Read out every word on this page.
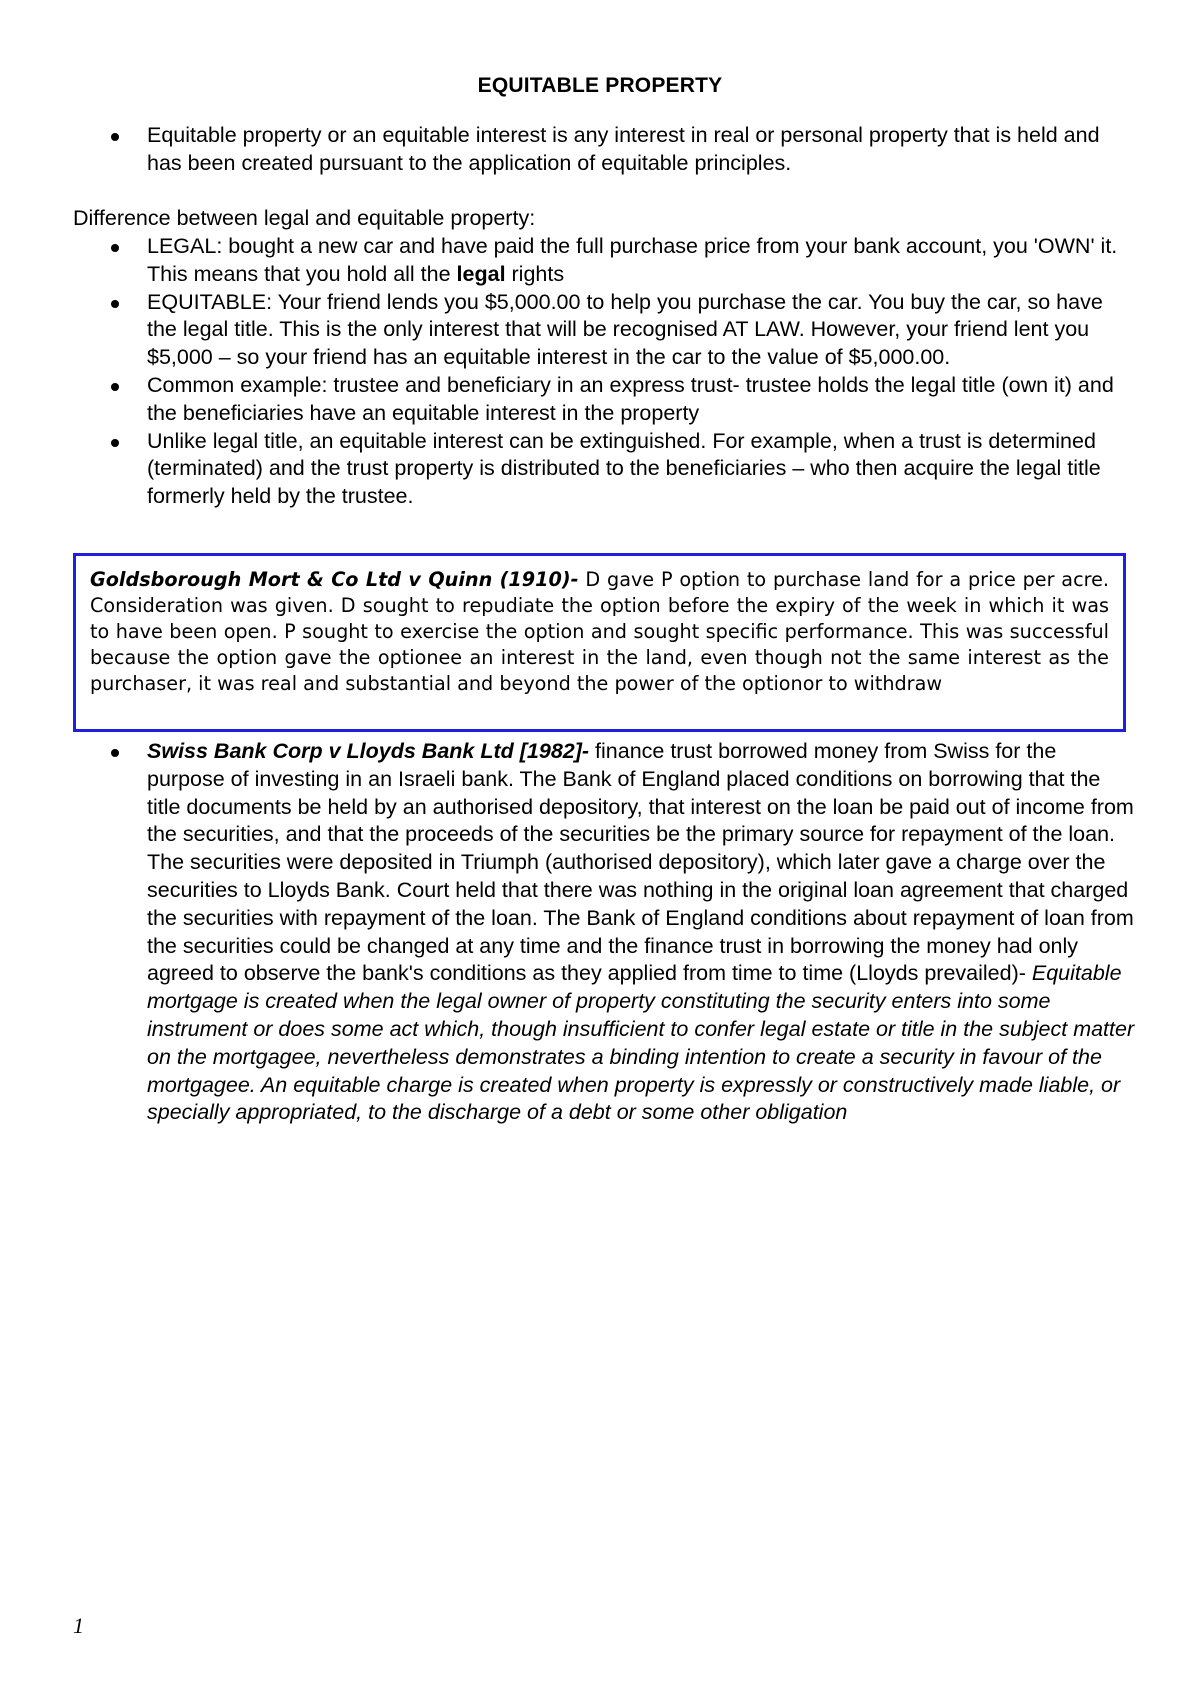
EQUITABLE PROPERTY
Equitable property or an equitable interest is any interest in real or personal property that is held and has been created pursuant to the application of equitable principles.
Difference between legal and equitable property:
LEGAL: bought a new car and have paid the full purchase price from your bank account, you 'OWN' it. This means that you hold all the legal rights
EQUITABLE: Your friend lends you $5,000.00 to help you purchase the car. You buy the car, so have the legal title. This is the only interest that will be recognised AT LAW. However, your friend lent you $5,000 – so your friend has an equitable interest in the car to the value of $5,000.00.
Common example: trustee and beneficiary in an express trust- trustee holds the legal title (own it) and the beneficiaries have an equitable interest in the property
Unlike legal title, an equitable interest can be extinguished. For example, when a trust is determined (terminated) and the trust property is distributed to the beneficiaries – who then acquire the legal title formerly held by the trustee.
Goldsborough Mort & Co Ltd v Quinn (1910)- D gave P option to purchase land for a price per acre. Consideration was given. D sought to repudiate the option before the expiry of the week in which it was to have been open. P sought to exercise the option and sought specific performance. This was successful because the option gave the optionee an interest in the land, even though not the same interest as the purchaser, it was real and substantial and beyond the power of the optionor to withdraw
Swiss Bank Corp v Lloyds Bank Ltd [1982]- finance trust borrowed money from Swiss for the purpose of investing in an Israeli bank. The Bank of England placed conditions on borrowing that the title documents be held by an authorised depository, that interest on the loan be paid out of income from the securities, and that the proceeds of the securities be the primary source for repayment of the loan. The securities were deposited in Triumph (authorised depository), which later gave a charge over the securities to Lloyds Bank. Court held that there was nothing in the original loan agreement that charged the securities with repayment of the loan. The Bank of England conditions about repayment of loan from the securities could be changed at any time and the finance trust in borrowing the money had only agreed to observe the bank's conditions as they applied from time to time (Lloyds prevailed)- Equitable mortgage is created when the legal owner of property constituting the security enters into some instrument or does some act which, though insufficient to confer legal estate or title in the subject matter on the mortgagee, nevertheless demonstrates a binding intention to create a security in favour of the mortgagee. An equitable charge is created when property is expressly or constructively made liable, or specially appropriated, to the discharge of a debt or some other obligation
1
